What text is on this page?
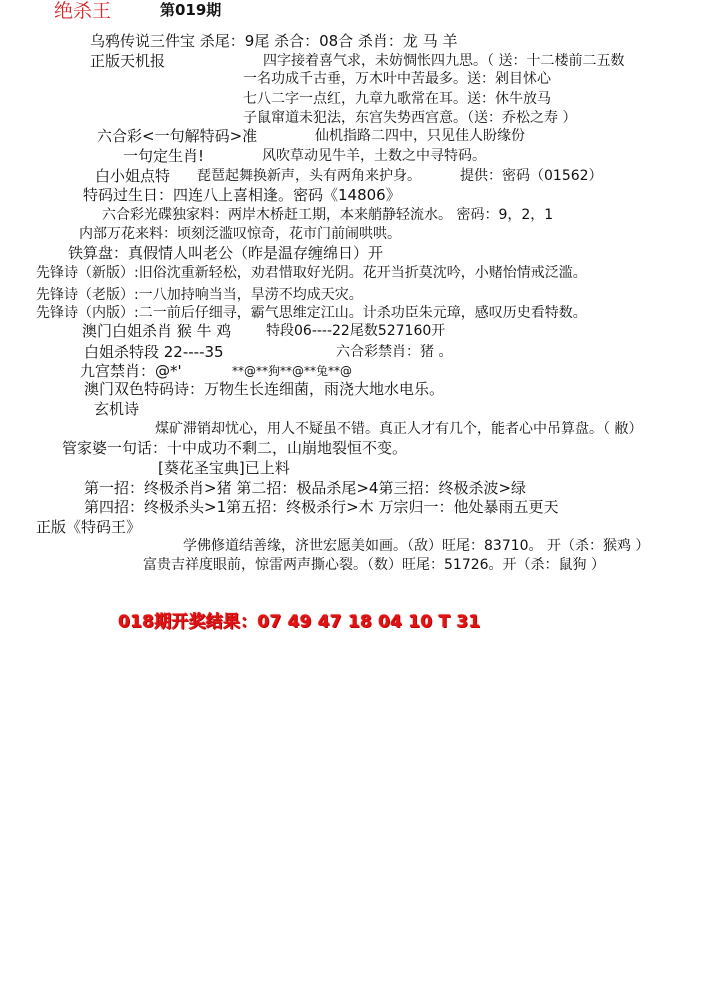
绝杀王	第019期
乌鸦传说三件宝 杀尾：9尾 杀合：08合 杀肖：龙 马 羊
正版天机报	四字接着喜气求，未妨惆怅四九思。（ 送：十二楼前二五数
一名功成千古垂，万木叶中苦最多。送：剁目怵心
七八二字一点红，九章九歌常在耳。送：休牛放马
子鼠窜道未犯法，东宫失势西宫意。（送：乔松之寿 ）
六合彩<一句解特码>准	仙机指路二四中，只见佳人盼缘份
一句定生肖!	风吹草动见牛羊，土数之中寻特码。
白小姐点特 琵琶起舞换新声，头有两角来护身。	提供：密码（01562）
特码过生日：四连八上喜相逢。密码《14806》
六合彩光碟独家料：两岸木桥赶工期，本来艄静轻流水。 密码：9，2，1
内部万花来料：顷刻泛滥叹惊奇，花市门前闹哄哄。
铁算盘：真假情人叫老公（昨是温存缠绵日）开
先锋诗（新版）:旧俗沈重新轻松，劝君惜取好光阴。花开当折莫沈吟，小赌怡情戒泛滥。
先锋诗（老版）:一八加持响当当，旱涝不均成天灾。
先锋诗（内版）:二一前后仔细寻，霸气思维定江山。计杀功臣朱元璋，感叹历史看特数。
澳门白姐杀肖 猴 牛 鸡 特段06----22尾数527160开
白姐杀特段 22----35	六合彩禁肖：猪 。
九宫禁肖：@*'	**@**狗**@**兔**@
澳门双色特码诗：万物生长连细菌，雨浇大地水电乐。
玄机诗
煤矿滞销却忧心，用人不疑虽不错。真正人才有几个，能者心中吊算盘。（ 敝）
管家婆一句话：十中成功不剩二，山崩地裂恒不变。
[葵花圣宝典]已上料
第一招：终极杀肖>猪 第二招：极品杀尾>4第三招：终极杀波>绿
第四招：终极杀头>1第五招：终极杀行>木 万宗归一：他处暴雨五更天
正版《特码王》
学佛修道结善缘，济世宏愿美如画。（敌）旺尾：83710。 开（杀：猴鸡 ）
富贵吉祥度眼前，惊雷两声撕心裂。（数）旺尾：51726。开（杀：鼠狗 ）
018期开奖结果：07 49 47 18 04 10 T 31
